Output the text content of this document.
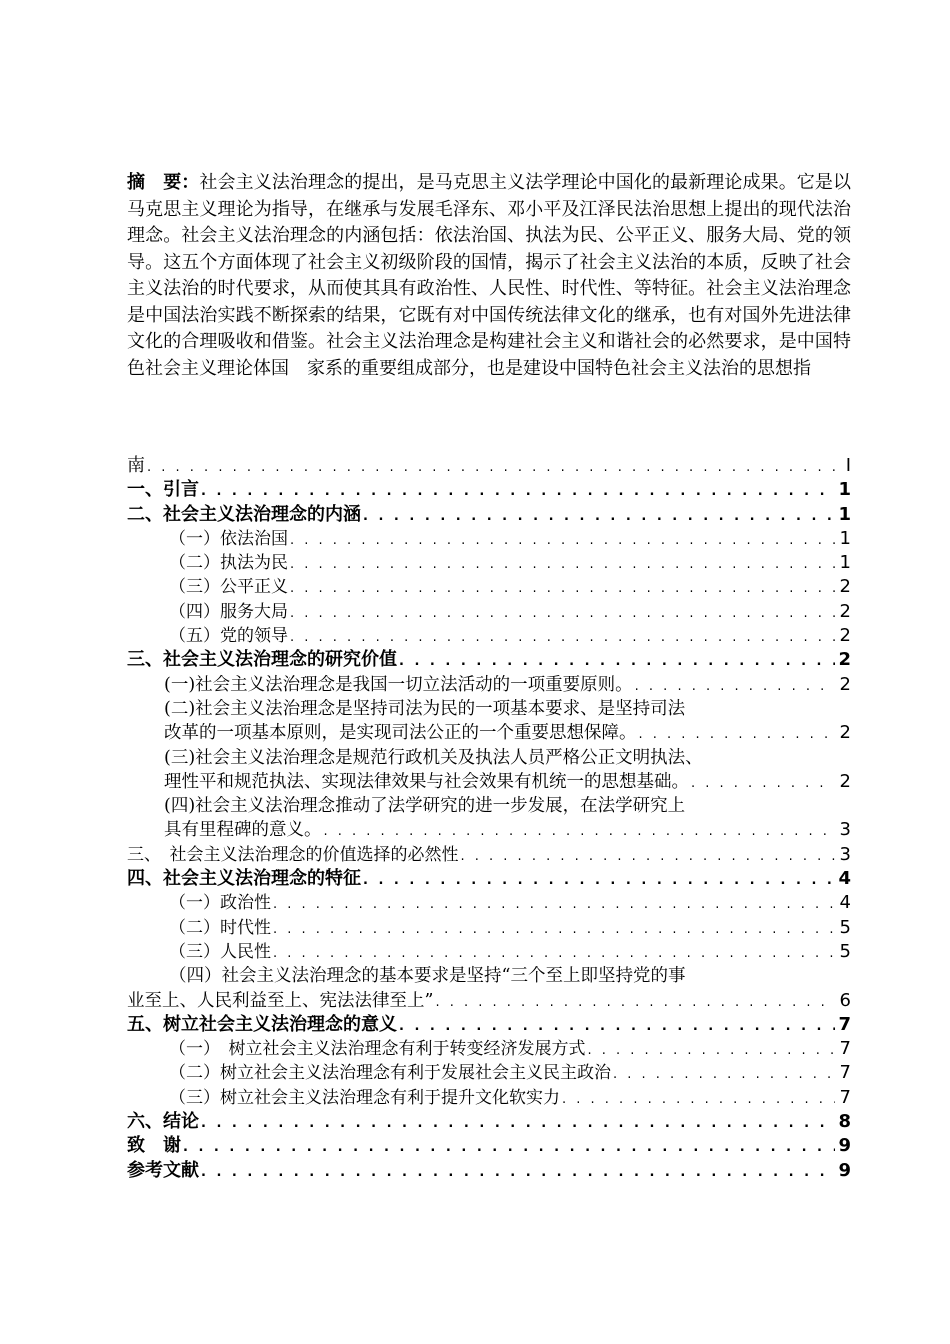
摘　要：社会主义法治理念的提出，是马克思主义法学理论中国化的最新理论成果。它是以马克思主义理论为指导，在继承与发展毛泽东、邓小平及江泽民法治思想上提出的现代法治理念。社会主义法治理念的内涵包括：依法治国、执法为民、公平正义、服务大局、党的领导。这五个方面体现了社会主义初级阶段的国情，揭示了社会主义法治的本质，反映了社会主义法治的时代要求，从而使其具有政治性、人民性、时代性、等特征。社会主义法治理念是中国法治实践不断探索的结果，它既有对中国传统法律文化的继承，也有对国外先进法律文化的合理吸收和借鉴。社会主义法治理念是构建社会主义和谐社会的必然要求，是中国特色社会主义理论体国　家系的重要组成部分，也是建设中国特色社会主义法治的思想指
南 . . .	I
一、引言 . . .	1
二、社会主义法治理念的内涵 . . .	1
（一）依法治国 . . .	1
（二）执法为民 . . .	1
（三）公平正义 . . .	2
（四）服务大局 . . .	2
（五）党的领导 . . .	2
三、社会主义法治理念的研究价值 . . .	2
(一)社会主义法治理念是我国一切立法活动的一项重要原则。 . . .	2
(二)社会主义法治理念是坚持司法为民的一项基本要求、是坚持司法
改革的一项基本原则，是实现司法公正的一个重要思想保障。 . . .	2
(三)社会主义法治理念是规范行政机关及执法人员严格公正文明执法、
理性平和规范执法、实现法律效果与社会效果有机统一的思想基础。 . . .	2
(四)社会主义法治理念推动了法学研究的进一步发展，在法学研究上
具有里程碑的意义。 . . .	3
三、　社会主义法治理念的价值选择的必然性 . . .	3
四、社会主义法治理念的特征 . . .	4
（一）政治性 . . .	4
（二）时代性 . . .	5
（三）人民性 . . .	5
（四）社会主义法治理念的基本要求是坚持“三个至上即坚持党的事
业至上、人民利益至上、宪法法律至上” . . .	6
五、树立社会主义法治理念的意义 . . .	7
（一）　树立社会主义法治理念有利于转变经济发展方式 . . .	7
（二）树立社会主义法治理念有利于发展社会主义民主政治 . . .	7
（三）树立社会主义法治理念有利于提升文化软实力 . . .	7
六、结论 . . .	8
致　谢 . . .	9
参考文献 . . .	9
